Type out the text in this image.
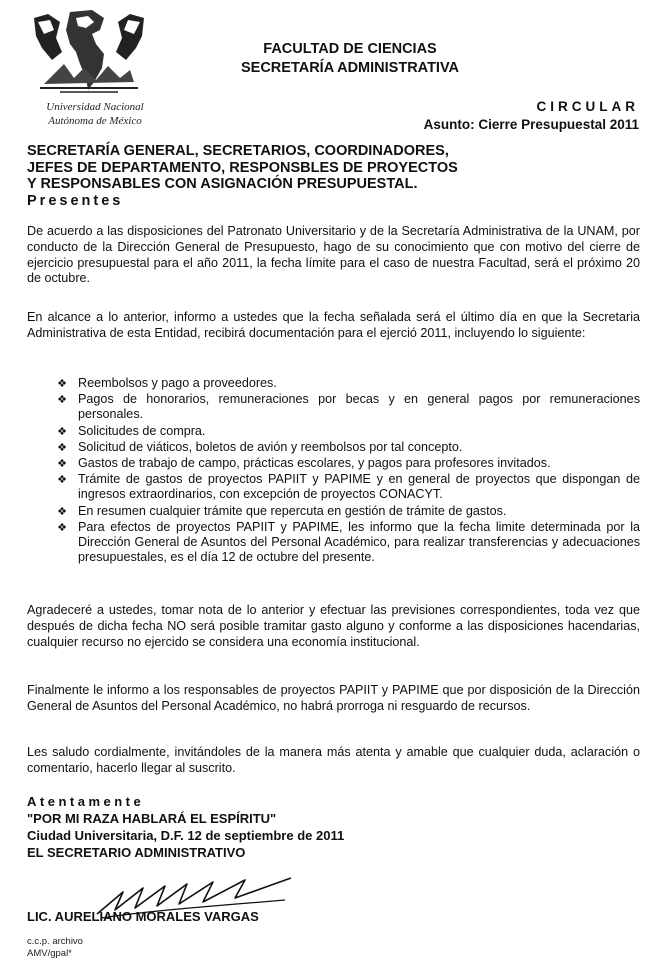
Universidad Nacional
Autónoma de México
FACULTAD DE CIENCIAS
SECRETARÍA ADMINISTRATIVA
CIRCULAR
Asunto: Cierre Presupuestal 2011
SECRETARÍA GENERAL, SECRETARIOS, COORDINADORES,
JEFES DE DEPARTAMENTO, RESPONSBLES DE PROYECTOS
Y RESPONSABLES CON ASIGNACIÓN PRESUPUESTAL.
Presentes
De acuerdo a las disposiciones del Patronato Universitario y de la Secretaría Administrativa de la UNAM, por conducto de la Dirección General de Presupuesto, hago de su conocimiento que con motivo del cierre de ejercicio presupuestal para el año 2011, la fecha límite para el caso de nuestra Facultad, será el próximo 20 de octubre.
En alcance a lo anterior, informo a ustedes que la fecha señalada será el último día en que la Secretaria Administrativa de esta Entidad, recibirá documentación para el ejerció 2011, incluyendo lo siguiente:
❖ Reembolsos y pago a proveedores.
❖ Pagos de honorarios, remuneraciones por becas y en general pagos por remuneraciones personales.
❖ Solicitudes de compra.
❖ Solicitud de viáticos, boletos de avión y reembolsos por tal concepto.
❖ Gastos de trabajo de campo, prácticas escolares, y pagos para profesores invitados.
❖ Trámite de gastos de proyectos PAPIIT y PAPIME y en general de proyectos que dispongan de ingresos extraordinarios, con excepción de proyectos CONACYT.
❖ En resumen cualquier trámite que repercuta en gestión de trámite de gastos.
❖ Para efectos de proyectos PAPIIT y PAPIME, les informo que la fecha limite determinada por la Dirección General de Asuntos del Personal Académico, para realizar transferencias y adecuaciones presupuestales, es el día 12 de octubre del presente.
Agradeceré a ustedes, tomar nota de lo anterior y efectuar las previsiones correspondientes, toda vez que después de dicha fecha NO será posible tramitar gasto alguno y conforme a las disposiciones hacendarias, cualquier recurso no ejercido se considera una economía institucional.
Finalmente le informo a los responsables de proyectos PAPIIT y PAPIME que por disposición de la Dirección General de Asuntos del Personal Académico, no habrá prorroga ni resguardo de recursos.
Les saludo cordialmente, invitándoles de la manera más atenta y amable que cualquier duda, aclaración o comentario, hacerlo llegar al suscrito.
Atentamente
"POR MI RAZA HABLARÁ EL ESPÍRITU"
Ciudad Universitaria, D.F. 12 de septiembre de 2011
EL SECRETARIO ADMINISTRATIVO
LIC. AURELIANO MORALES VARGAS
c.c.p. archivo
AMV/gpal*
